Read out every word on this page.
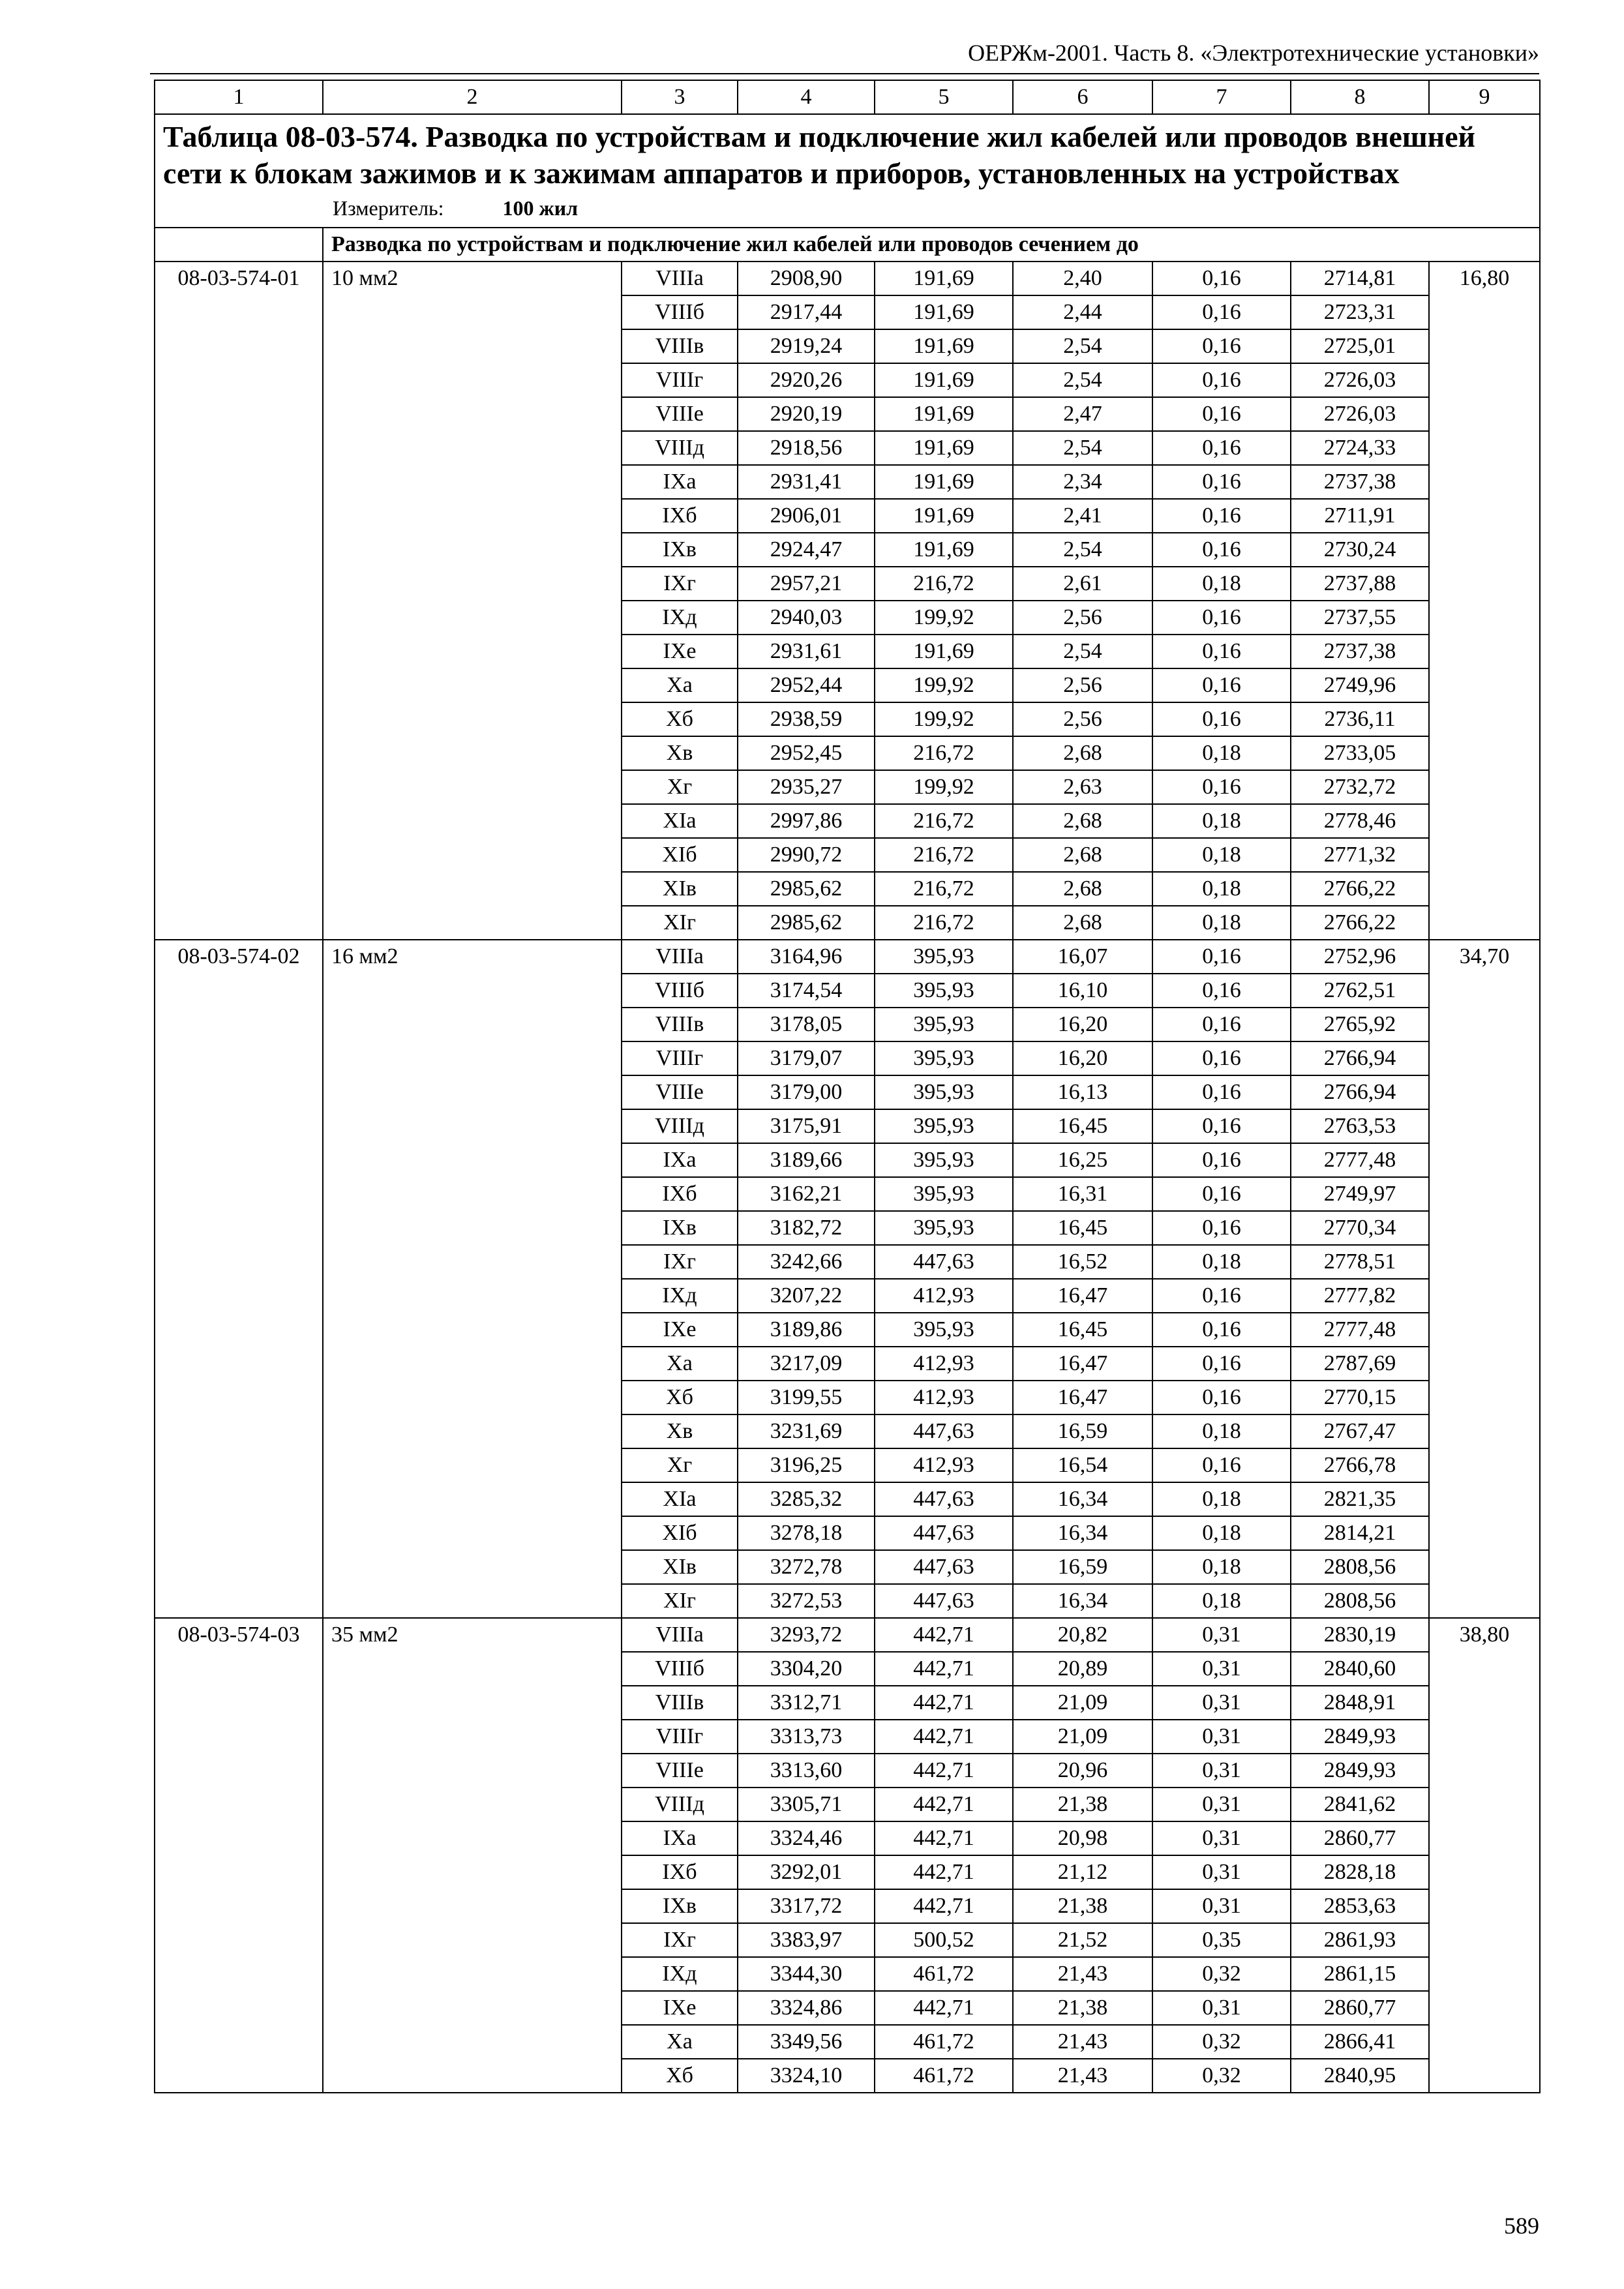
ОЕРЖм-2001. Часть 8. «Электротехнические установки»
1	2	3	4	5	6	7	8	9

Таблица 08-03-574. Разводка по устройствам и подключение жил кабелей или проводов внешней сети к блокам зажимов и к зажимам аппаратов и приборов, установленных на устройствах
Измеритель: 100 жил								

	Разводка по устройствам и подключение жил кабелей или проводов сечением до							
08-03-574-01	10 мм2	VIIIа	2908,90	191,69	2,40	0,16	2714,81	16,80
		VIIIб	2917,44	191,69	2,44	0,16	2723,31	
		VIIIв	2919,24	191,69	2,54	0,16	2725,01	
		VIIIг	2920,26	191,69	2,54	0,16	2726,03	
		VIIIе	2920,19	191,69	2,47	0,16	2726,03	
		VIIIд	2918,56	191,69	2,54	0,16	2724,33	
		IXа	2931,41	191,69	2,34	0,16	2737,38	
		IXб	2906,01	191,69	2,41	0,16	2711,91	
		IXв	2924,47	191,69	2,54	0,16	2730,24	
		IXг	2957,21	216,72	2,61	0,18	2737,88	
		IXд	2940,03	199,92	2,56	0,16	2737,55	
		IXе	2931,61	191,69	2,54	0,16	2737,38	
		Xа	2952,44	199,92	2,56	0,16	2749,96	
		Xб	2938,59	199,92	2,56	0,16	2736,11	
		Xв	2952,45	216,72	2,68	0,18	2733,05	
		Xг	2935,27	199,92	2,63	0,16	2732,72	
		XIа	2997,86	216,72	2,68	0,18	2778,46	
		XIб	2990,72	216,72	2,68	0,18	2771,32	
		XIв	2985,62	216,72	2,68	0,18	2766,22	
		XIг	2985,62	216,72	2,68	0,18	2766,22	
08-03-574-02	16 мм2	VIIIа	3164,96	395,93	16,07	0,16	2752,96	34,70
		VIIIб	3174,54	395,93	16,10	0,16	2762,51	
		VIIIв	3178,05	395,93	16,20	0,16	2765,92	
		VIIIг	3179,07	395,93	16,20	0,16	2766,94	
		VIIIе	3179,00	395,93	16,13	0,16	2766,94	
		VIIIд	3175,91	395,93	16,45	0,16	2763,53	
		IXа	3189,66	395,93	16,25	0,16	2777,48	
		IXб	3162,21	395,93	16,31	0,16	2749,97	
		IXв	3182,72	395,93	16,45	0,16	2770,34	
		IXг	3242,66	447,63	16,52	0,18	2778,51	
		IXд	3207,22	412,93	16,47	0,16	2777,82	
		IXе	3189,86	395,93	16,45	0,16	2777,48	
		Xа	3217,09	412,93	16,47	0,16	2787,69	
		Xб	3199,55	412,93	16,47	0,16	2770,15	
		Xв	3231,69	447,63	16,59	0,18	2767,47	
		Xг	3196,25	412,93	16,54	0,16	2766,78	
		XIа	3285,32	447,63	16,34	0,18	2821,35	
		XIб	3278,18	447,63	16,34	0,18	2814,21	
		XIв	3272,78	447,63	16,59	0,18	2808,56	
		XIг	3272,53	447,63	16,34	0,18	2808,56	
08-03-574-03	35 мм2	VIIIа	3293,72	442,71	20,82	0,31	2830,19	38,80
		VIIIб	3304,20	442,71	20,89	0,31	2840,60	
		VIIIв	3312,71	442,71	21,09	0,31	2848,91	
		VIIIг	3313,73	442,71	21,09	0,31	2849,93	
		VIIIе	3313,60	442,71	20,96	0,31	2849,93	
		VIIIд	3305,71	442,71	21,38	0,31	2841,62	
		IXа	3324,46	442,71	20,98	0,31	2860,77	
		IXб	3292,01	442,71	21,12	0,31	2828,18	
		IXв	3317,72	442,71	21,38	0,31	2853,63	
		IXг	3383,97	500,52	21,52	0,35	2861,93	
		IXд	3344,30	461,72	21,43	0,32	2861,15	
		IXе	3324,86	442,71	21,38	0,31	2860,77	
		Xа	3349,56	461,72	21,43	0,32	2866,41	
		Xб	3324,10	461,72	21,43	0,32	2840,95	
589
